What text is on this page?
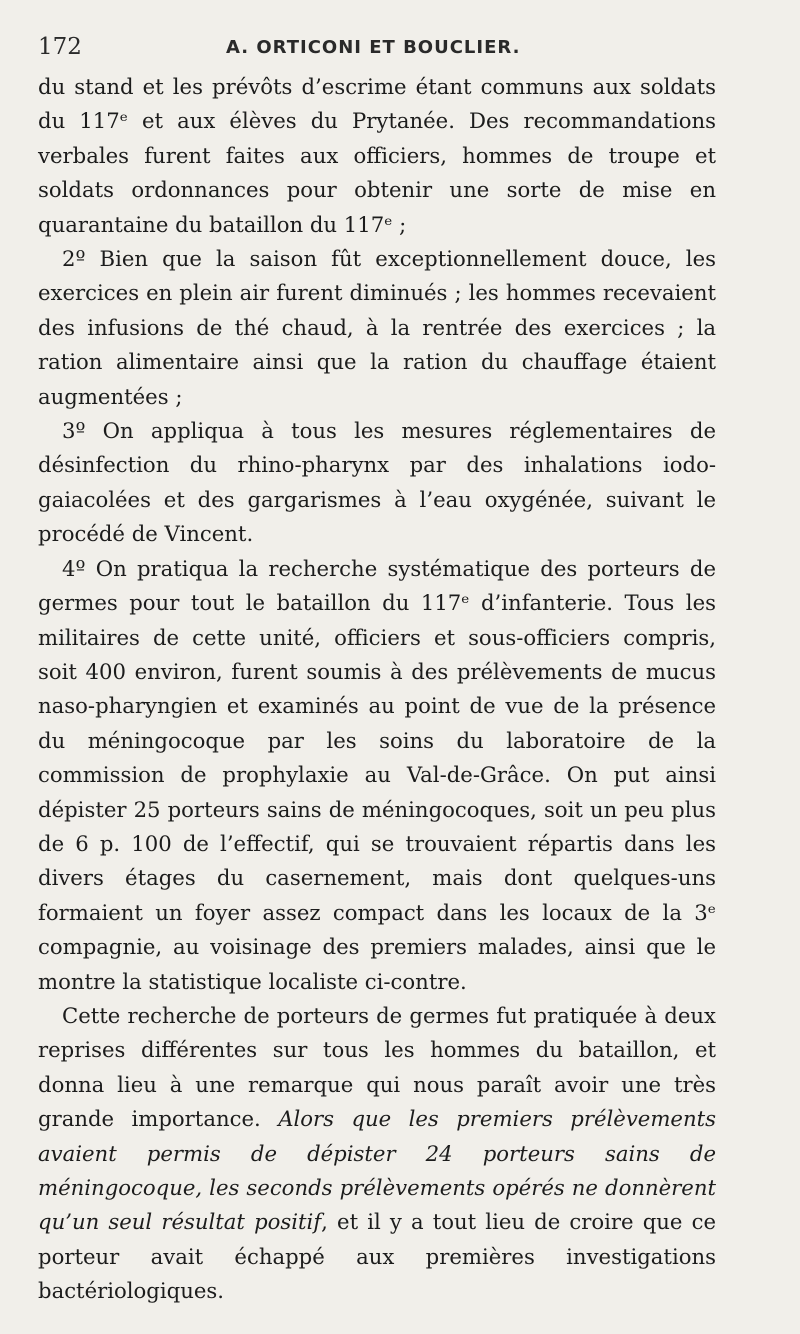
172	A. ORTICONI ET BOUCLIER.

du stand et les prévôts d’escrime étant communs aux soldats du 117ᵉ et aux élèves du Prytanée. Des recommandations verbales furent faites aux officiers, hommes de troupe et soldats ordonnances pour obtenir une sorte de mise en quarantaine du bataillon du 117ᵉ ;

2º Bien que la saison fût exceptionnellement douce, les exercices en plein air furent diminués ; les hommes recevaient des infusions de thé chaud, à la rentrée des exercices ; la ration alimentaire ainsi que la ration du chauffage étaient augmentées ;

3º On appliqua à tous les mesures réglementaires de désinfection du rhino-pharynx par des inhalations iodo-gaiacolées et des gargarismes à l’eau oxygénée, suivant le procédé de Vincent.

4º On pratiqua la recherche systématique des porteurs de germes pour tout le bataillon du 117ᵉ d’infanterie. Tous les militaires de cette unité, officiers et sous-officiers compris, soit 400 environ, furent soumis à des prélèvements de mucus naso-pharyngien et examinés au point de vue de la présence du méningocoque par les soins du laboratoire de la commission de prophylaxie au Val-de-Grâce. On put ainsi dépister 25 porteurs sains de méningocoques, soit un peu plus de 6 p. 100 de l’effectif, qui se trouvaient répartis dans les divers étages du casernement, mais dont quelques-uns formaient un foyer assez compact dans les locaux de la 3ᵉ compagnie, au voisinage des premiers malades, ainsi que le montre la statistique localiste ci-contre.

Cette recherche de porteurs de germes fut pratiquée à deux reprises différentes sur tous les hommes du bataillon, et donna lieu à une remarque qui nous paraît avoir une très grande importance. Alors que les premiers prélèvements avaient permis de dépister 24 porteurs sains de méningocoque, les seconds prélèvements opérés ne donnèrent qu’un seul résultat positif, et il y a tout lieu de croire que ce porteur avait échappé aux premières investigations bactériologiques.
